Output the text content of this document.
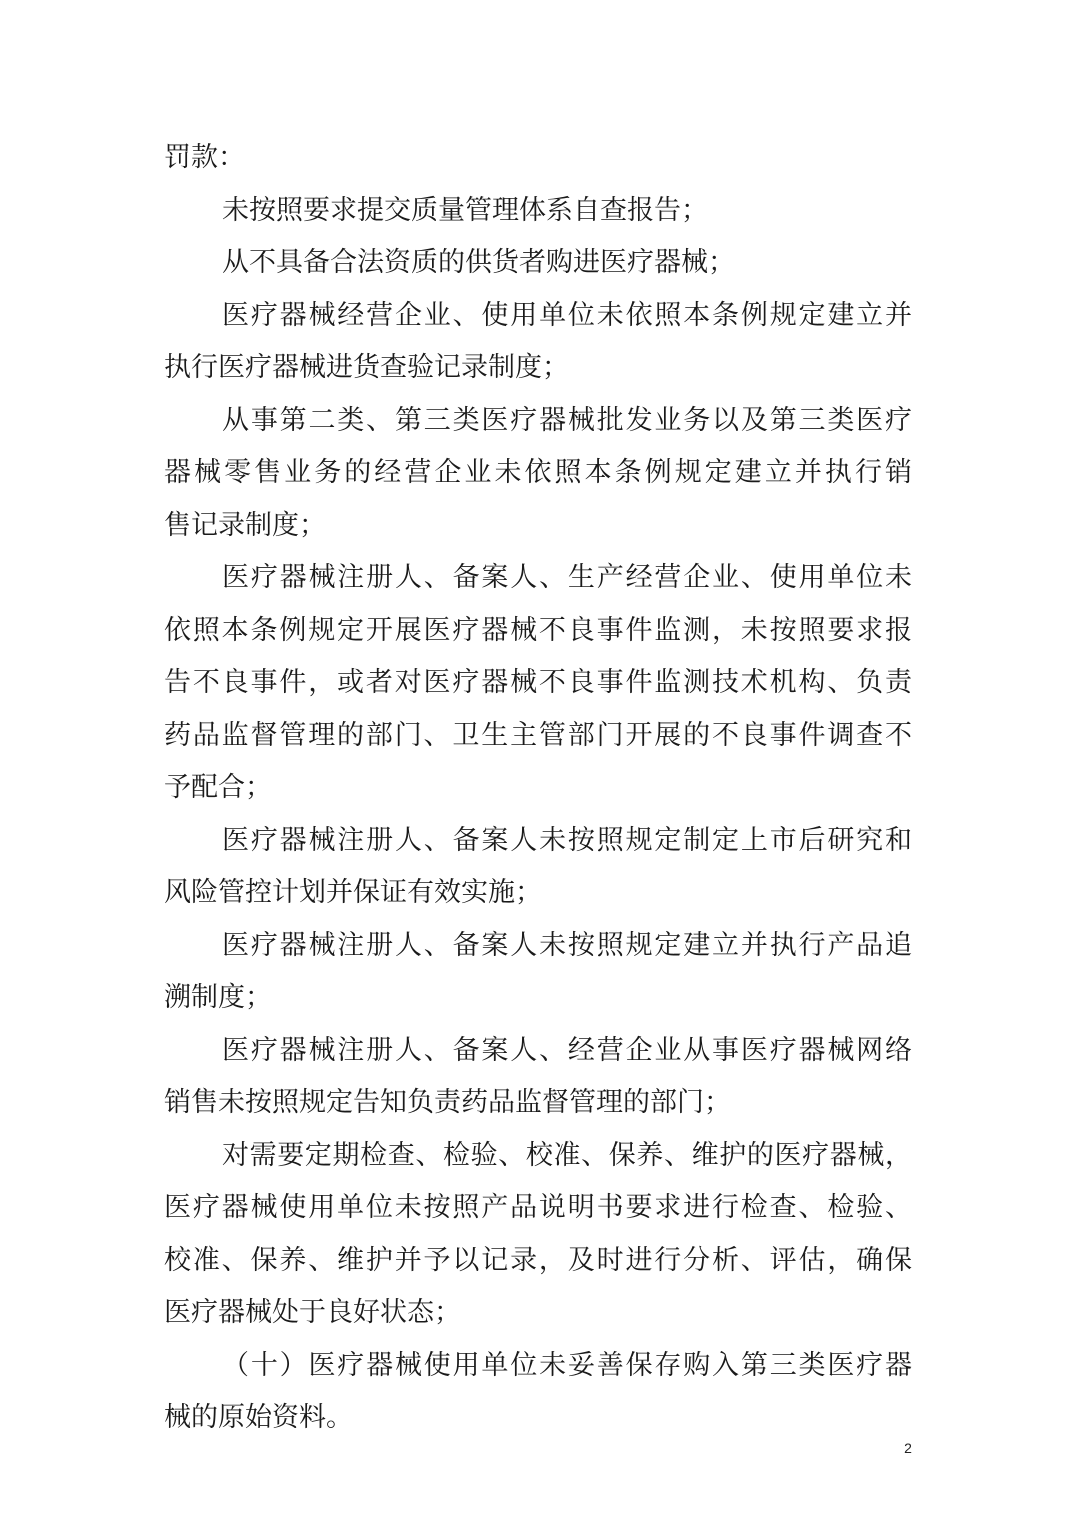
罚款：
未按照要求提交质量管理体系自查报告；
从不具备合法资质的供货者购进医疗器械；
医疗器械经营企业、使用单位未依照本条例规定建立并
执行医疗器械进货查验记录制度；
从事第二类、第三类医疗器械批发业务以及第三类医疗
器械零售业务的经营企业未依照本条例规定建立并执行销
售记录制度；
医疗器械注册人、备案人、生产经营企业、使用单位未
依照本条例规定开展医疗器械不良事件监测，未按照要求报
告不良事件，或者对医疗器械不良事件监测技术机构、负责
药品监督管理的部门、卫生主管部门开展的不良事件调查不
予配合；
医疗器械注册人、备案人未按照规定制定上市后研究和
风险管控计划并保证有效实施；
医疗器械注册人、备案人未按照规定建立并执行产品追
溯制度；
医疗器械注册人、备案人、经营企业从事医疗器械网络
销售未按照规定告知负责药品监督管理的部门；
对需要定期检查、检验、校准、保养、维护的医疗器械，
医疗器械使用单位未按照产品说明书要求进行检查、检验、
校准、保养、维护并予以记录，及时进行分析、评估，确保
医疗器械处于良好状态；
（十）医疗器械使用单位未妥善保存购入第三类医疗器
械的原始资料。
2
